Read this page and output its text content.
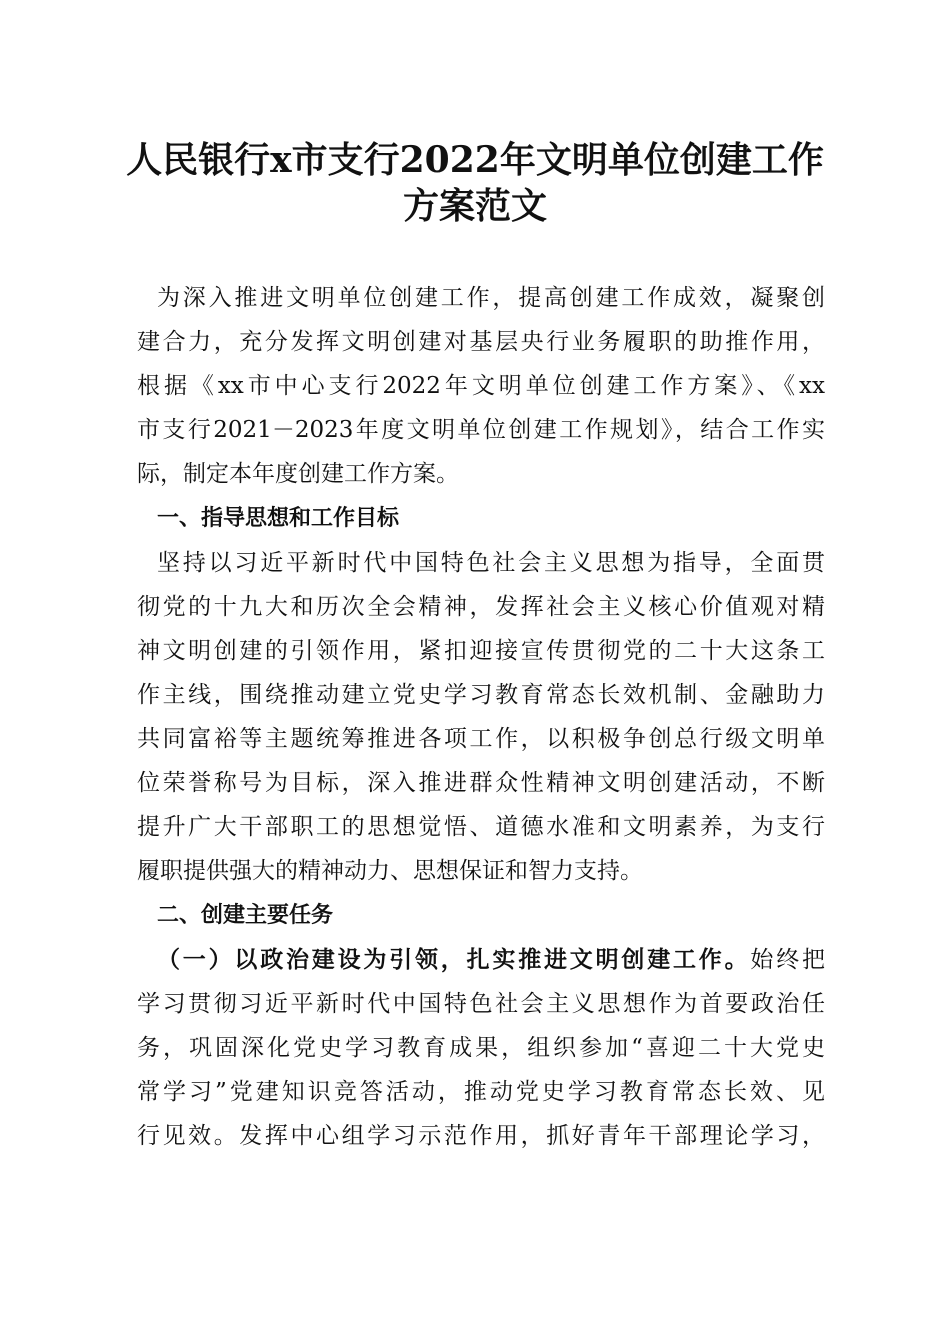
人民银行x市支行2022年文明单位创建工作
方案范文
为深入推进文明单位创建工作，提高创建工作成效，凝聚创
建合力，充分发挥文明创建对基层央行业务履职的助推作用，
根据《xx市中心支行2022年文明单位创建工作方案》、《xx
市支行2021－2023年度文明单位创建工作规划》，结合工作实
际，制定本年度创建工作方案。
一、指导思想和工作目标
坚持以习近平新时代中国特色社会主义思想为指导，全面贯
彻党的十九大和历次全会精神，发挥社会主义核心价值观对精
神文明创建的引领作用，紧扣迎接宣传贯彻党的二十大这条工
作主线，围绕推动建立党史学习教育常态长效机制、金融助力
共同富裕等主题统筹推进各项工作，以积极争创总行级文明单
位荣誉称号为目标，深入推进群众性精神文明创建活动，不断
提升广大干部职工的思想觉悟、道德水准和文明素养，为支行
履职提供强大的精神动力、思想保证和智力支持。
二、创建主要任务
（一）以政治建设为引领，扎实推进文明创建工作。始终把
学习贯彻习近平新时代中国特色社会主义思想作为首要政治任
务，巩固深化党史学习教育成果，组织参加“喜迎二十大党史
常学习”党建知识竞答活动，推动党史学习教育常态长效、见
行见效。发挥中心组学习示范作用，抓好青年干部理论学习，
